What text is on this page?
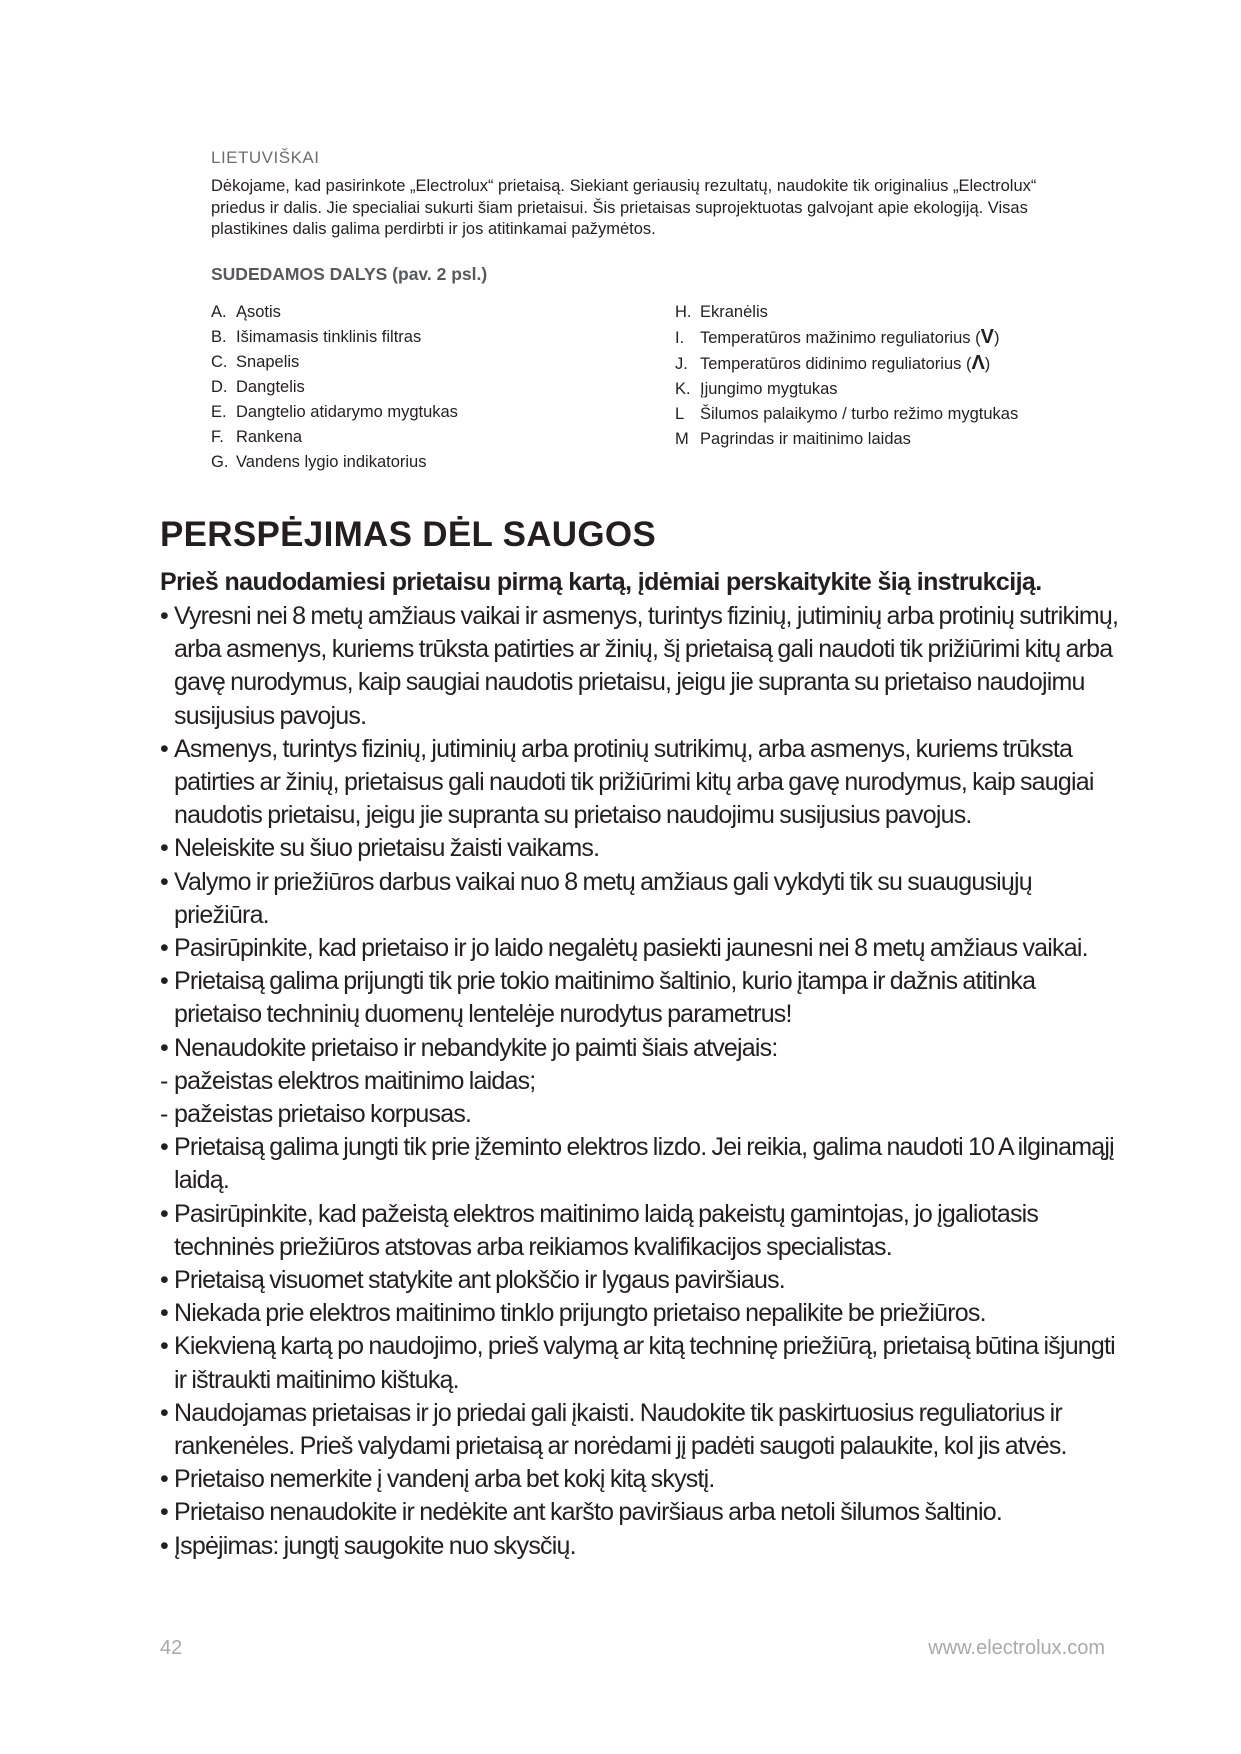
LIETUVIŠKAI

Dėkojame, kad pasirinkote „Electrolux“ prietaisą. Siekiant geriausių rezultatų, naudokite tik originalius „Electrolux“ priedus ir dalis. Jie specialiai sukurti šiam prietaisui. Šis prietaisas suprojektuotas galvojant apie ekologiją. Visas plastikines dalis galima perdirbti ir jos atitinkamai pažymėtos.

SUDEDAMOS DALYS (pav. 2 psl.)
A. Ąsotis
B. Išimamasis tinklinis filtras
C. Snapelis
D. Dangtelis
E. Dangtelio atidarymo mygtukas
F. Rankena
G. Vandens lygio indikatorius
H. Ekranėlis
I. Temperatūros mažinimo reguliatorius (V)
J. Temperatūros didinimo reguliatorius (Λ)
K. Įjungimo mygtukas
L Šilumos palaikymo / turbo režimo mygtukas
M Pagrindas ir maitinimo laidas
PERSPĖJIMAS DĖL SAUGOS

Prieš naudodamiesi prietaisu pirmą kartą, įdėmiai perskaitykite šią instrukciją.

• Vyresni nei 8 metų amžiaus vaikai ir asmenys, turintys fizinių, jutiminių arba protinių sutrikimų, arba asmenys, kuriems trūksta patirties ar žinių, šį prietaisą gali naudoti tik prižiūrimi kitų arba gavę nurodymus, kaip saugiai naudotis prietaisu, jeigu jie supranta su prietaiso naudojimu susijusius pavojus.
• Asmenys, turintys fizinių, jutiminių arba protinių sutrikimų, arba asmenys, kuriems trūksta patirties ar žinių, prietaisus gali naudoti tik prižiūrimi kitų arba gavę nurodymus, kaip saugiai naudotis prietaisu, jeigu jie supranta su prietaiso naudojimu susijusius pavojus.
• Neleiskite su šiuo prietaisu žaisti vaikams.
• Valymo ir priežiūros darbus vaikai nuo 8 metų amžiaus gali vykdyti tik su suaugusiųjų priežiūra.
• Pasirūpinkite, kad prietaiso ir jo laido negalėtų pasiekti jaunesni nei 8 metų amžiaus vaikai.
• Prietaisą galima prijungti tik prie tokio maitinimo šaltinio, kurio įtampa ir dažnis atitinka prietaiso techninių duomenų lentelėje nurodytus parametrus!
• Nenaudokite prietaiso ir nebandykite jo paimti šiais atvejais:
- pažeistas elektros maitinimo laidas;
- pažeistas prietaiso korpusas.
• Prietaisą galima jungti tik prie įžeminto elektros lizdo. Jei reikia, galima naudoti 10 A ilginamąjį laidą.
• Pasirūpinkite, kad pažeistą elektros maitinimo laidą pakeistų gamintojas, jo įgaliotasis techninės priežiūros atstovas arba reikiamos kvalifikacijos specialistas.
• Prietaisą visuomet statykite ant plokščio ir lygaus paviršiaus.
• Niekada prie elektros maitinimo tinklo prijungto prietaiso nepalikite be priežiūros.
• Kiekvieną kartą po naudojimo, prieš valymą ar kitą techninę priežiūrą, prietaisą būtina išjungti ir ištraukti maitinimo kištuką.
• Naudojamas prietaisas ir jo priedai gali įkaisti. Naudokite tik paskirtuosius reguliatorius ir rankenėles. Prieš valydami prietaisą ar norėdami jį padėti saugoti palaukite, kol jis atvės.
• Prietaiso nemerkite į vandenį arba bet kokį kitą skystį.
• Prietaiso nenaudokite ir nedėkite ant karšto paviršiaus arba netoli šilumos šaltinio.
• Įspėjimas: jungtį saugokite nuo skysčių.
42	www.electrolux.com
